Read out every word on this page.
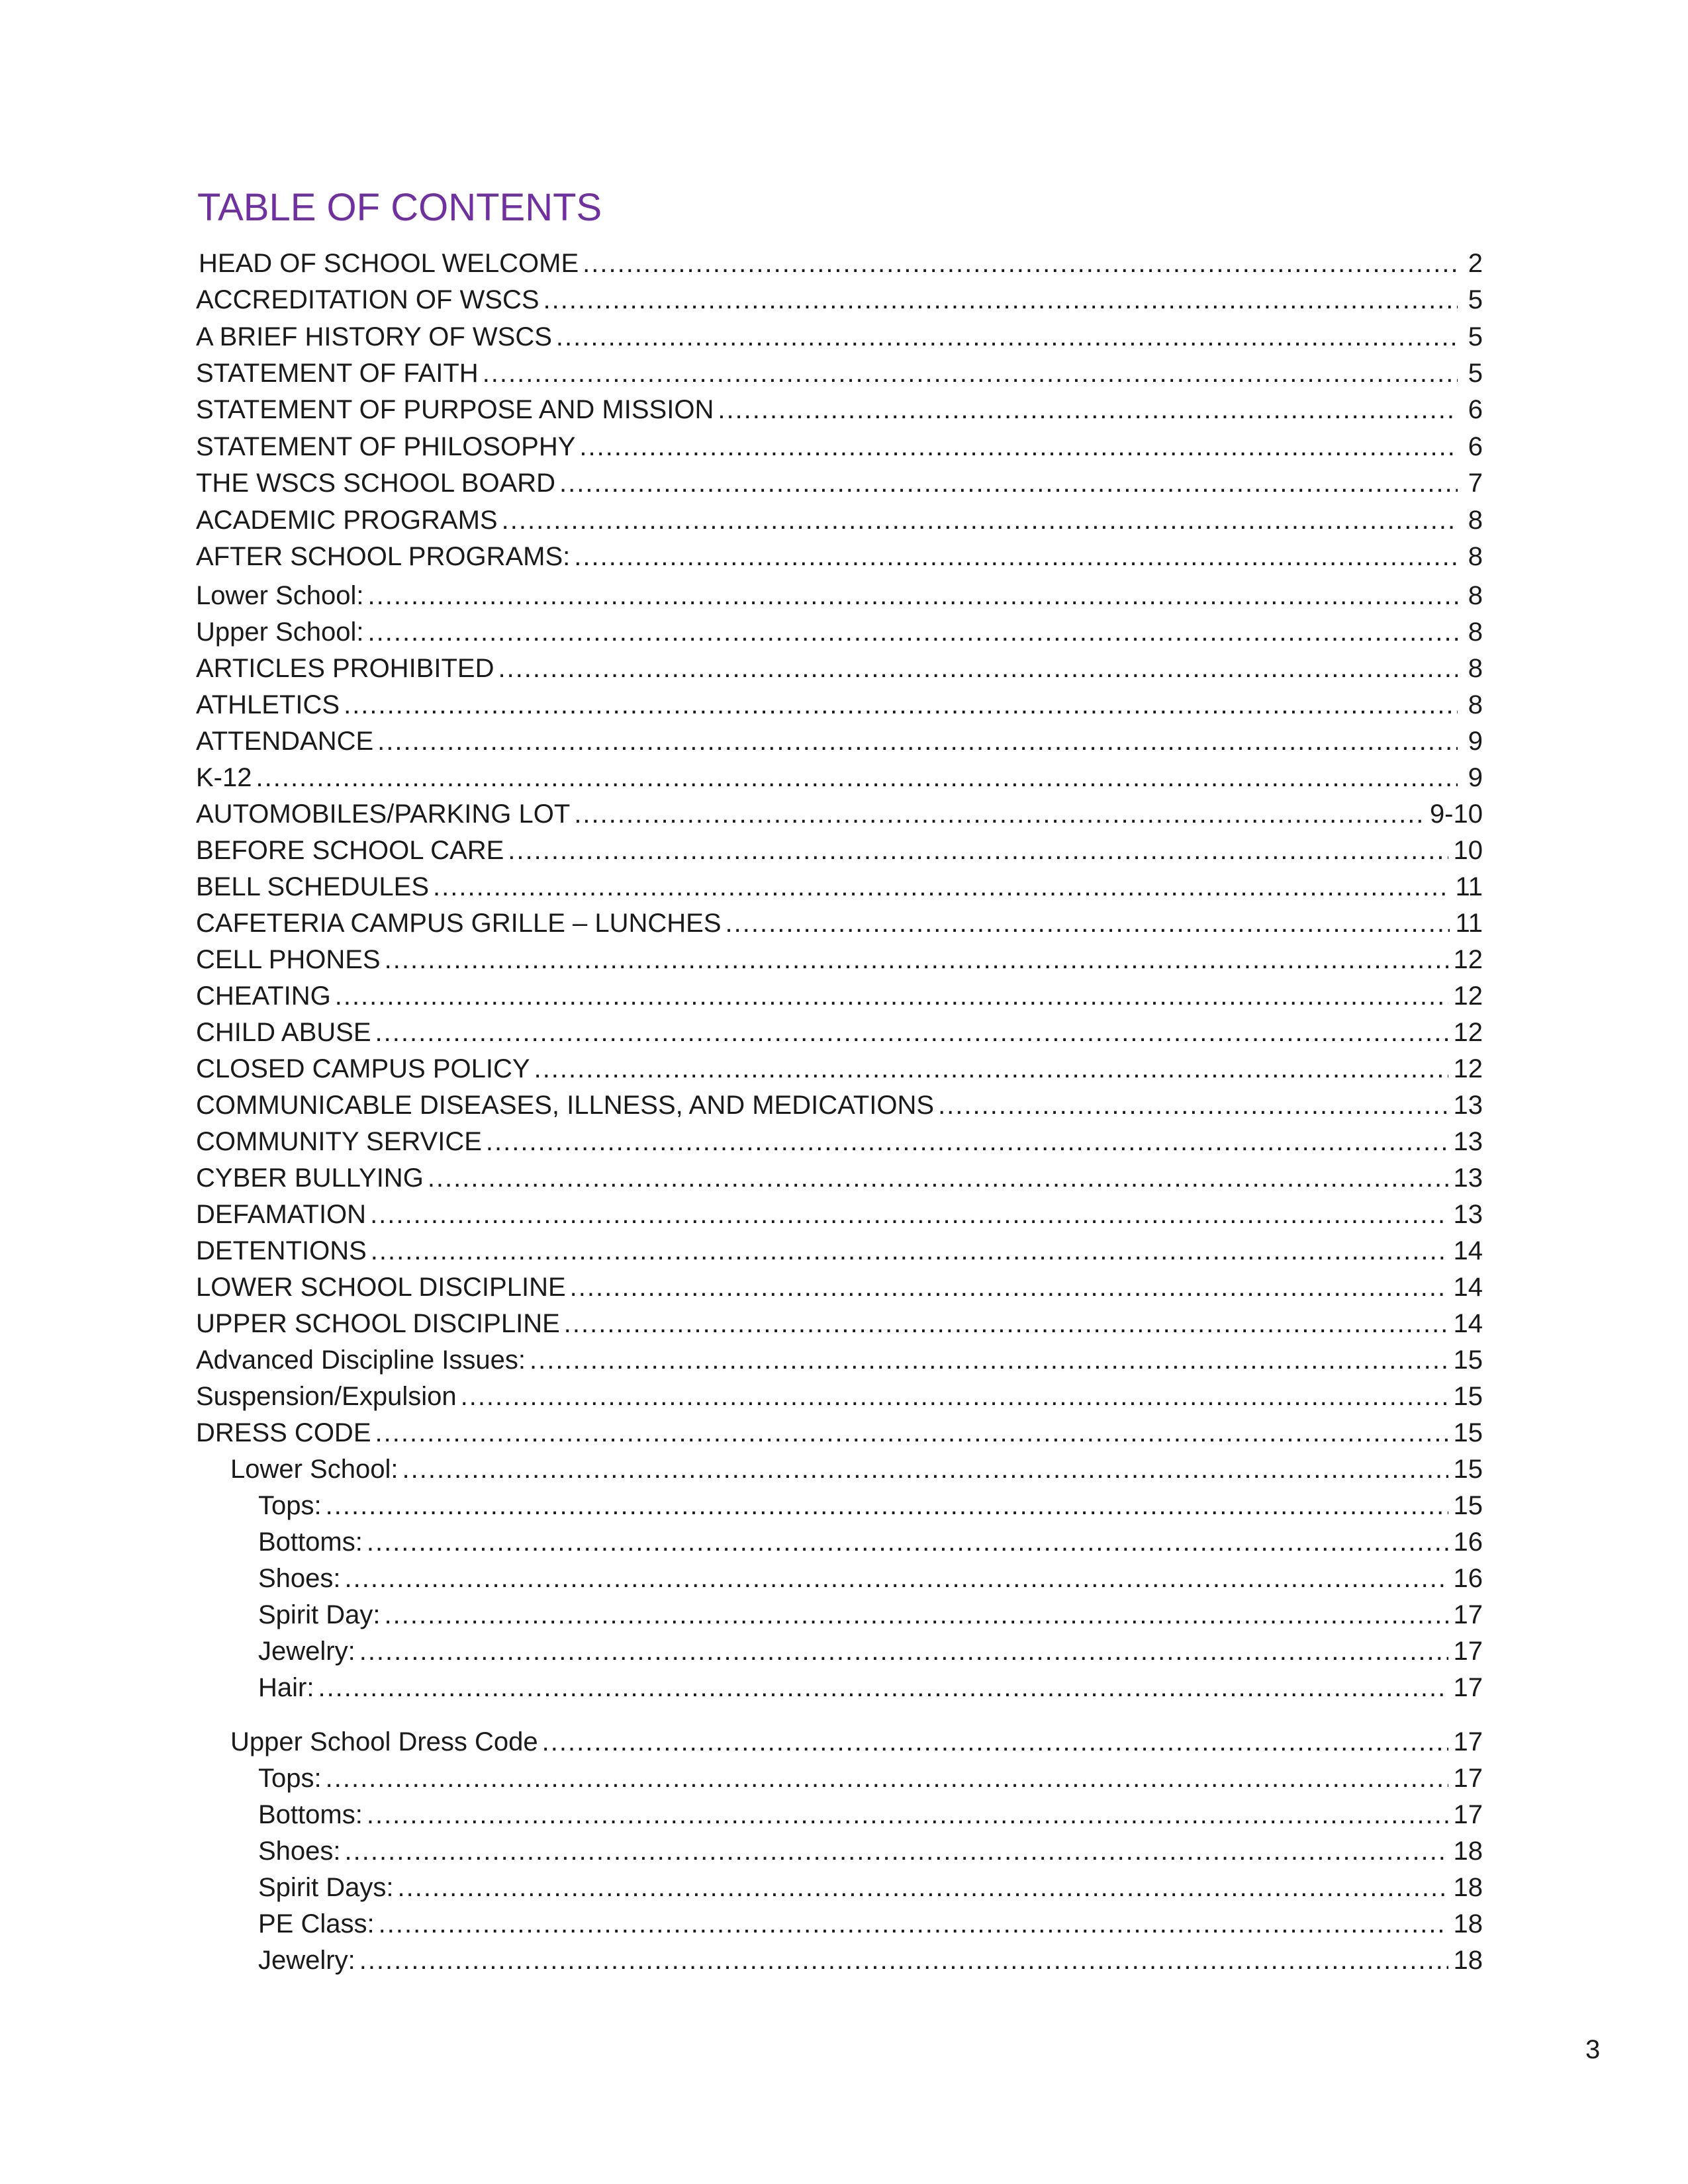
TABLE OF CONTENTS
HEAD OF SCHOOL WELCOME .....	2
ACCREDITATION OF WSCS .....	5
A BRIEF HISTORY OF WSCS .....	5
STATEMENT OF FAITH .....	5
STATEMENT OF PURPOSE AND MISSION .....	6
STATEMENT OF PHILOSOPHY .....	6
THE WSCS SCHOOL BOARD .....	7
ACADEMIC PROGRAMS .....	8
AFTER SCHOOL PROGRAMS: .....	8
Lower School: .....	8
Upper School: .....	8
ARTICLES PROHIBITED .....	8
ATHLETICS .....	8
ATTENDANCE .....	9
K-12 .....	9
AUTOMOBILES/PARKING LOT .....	9-10
BEFORE SCHOOL CARE .....	10
BELL SCHEDULES .....	11
CAFETERIA CAMPUS GRILLE – LUNCHES .....	11
CELL PHONES .....	12
CHEATING .....	12
CHILD ABUSE .....	12
CLOSED CAMPUS POLICY .....	12
COMMUNICABLE DISEASES, ILLNESS, AND MEDICATIONS .....	13
COMMUNITY SERVICE .....	13
CYBER BULLYING .....	13
DEFAMATION .....	13
DETENTIONS .....	14
LOWER SCHOOL DISCIPLINE .....	14
UPPER SCHOOL DISCIPLINE .....	14
Advanced Discipline Issues: .....	15
Suspension/Expulsion .....	15
DRESS CODE .....	15
Lower School: .....	15
Tops: .....	15
Bottoms: .....	16
Shoes: .....	16
Spirit Day: .....	17
Jewelry: .....	17
Hair: .....	17
Upper School Dress Code .....	17
Tops: .....	17
Bottoms: .....	17
Shoes: .....	18
Spirit Days: .....	18
PE Class: .....	18
Jewelry: .....	18
3
